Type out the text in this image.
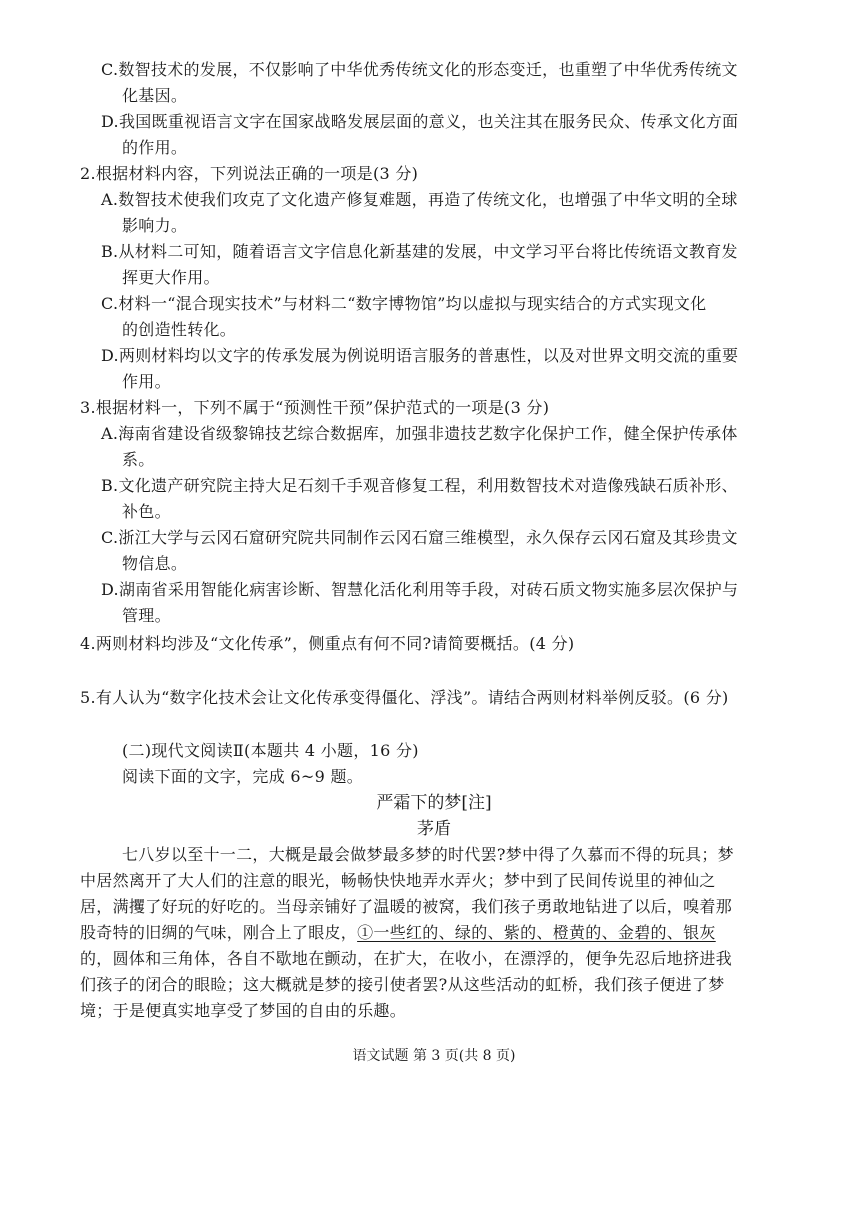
C.数智技术的发展，不仅影响了中华优秀传统文化的形态变迁，也重塑了中华优秀传统文
化基因。
D.我国既重视语言文字在国家战略发展层面的意义，也关注其在服务民众、传承文化方面
的作用。
2.根据材料内容，下列说法正确的一项是(3 分)
A.数智技术使我们攻克了文化遗产修复难题，再造了传统文化，也增强了中华文明的全球
影响力。
B.从材料二可知，随着语言文字信息化新基建的发展，中文学习平台将比传统语文教育发
挥更大作用。
C.材料一“混合现实技术”与材料二“数字博物馆”均以虚拟与现实结合的方式实现文化
的创造性转化。
D.两则材料均以文字的传承发展为例说明语言服务的普惠性，以及对世界文明交流的重要
作用。
3.根据材料一，下列不属于“预测性干预”保护范式的一项是(3 分)
A.海南省建设省级黎锦技艺综合数据库，加强非遗技艺数字化保护工作，健全保护传承体
系。
B.文化遗产研究院主持大足石刻千手观音修复工程，利用数智技术对造像残缺石质补形、
补色。
C.浙江大学与云冈石窟研究院共同制作云冈石窟三维模型，永久保存云冈石窟及其珍贵文
物信息。
D.湖南省采用智能化病害诊断、智慧化活化利用等手段，对砖石质文物实施多层次保护与
管理。
4.两则材料均涉及“文化传承”，侧重点有何不同?请简要概括。(4 分)
5.有人认为“数字化技术会让文化传承变得僵化、浮浅”。请结合两则材料举例反驳。(6 分)
(二)现代文阅读Ⅱ(本题共 4 小题，16 分)
阅读下面的文字，完成 6~9 题。
严霜下的梦[注]
茅盾
七八岁以至十一二，大概是最会做梦最多梦的时代罢?梦中得了久慕而不得的玩具；梦
中居然离开了大人们的注意的眼光，畅畅快快地弄水弄火；梦中到了民间传说里的神仙之
居，满攫了好玩的好吃的。当母亲铺好了温暖的被窝，我们孩子勇敢地钻进了以后，嗅着那
股奇特的旧绸的气味，刚合上了眼皮，①一些红的、绿的、紫的、橙黄的、金碧的、银灰
的，圆体和三角体，各自不歇地在颤动，在扩大，在收小，在漂浮的，便争先忍后地挤进我
们孩子的闭合的眼睑；这大概就是梦的接引使者罢?从这些活动的虹桥，我们孩子便进了梦
境；于是便真实地享受了梦国的自由的乐趣。
语文试题 第 3 页(共 8 页)
